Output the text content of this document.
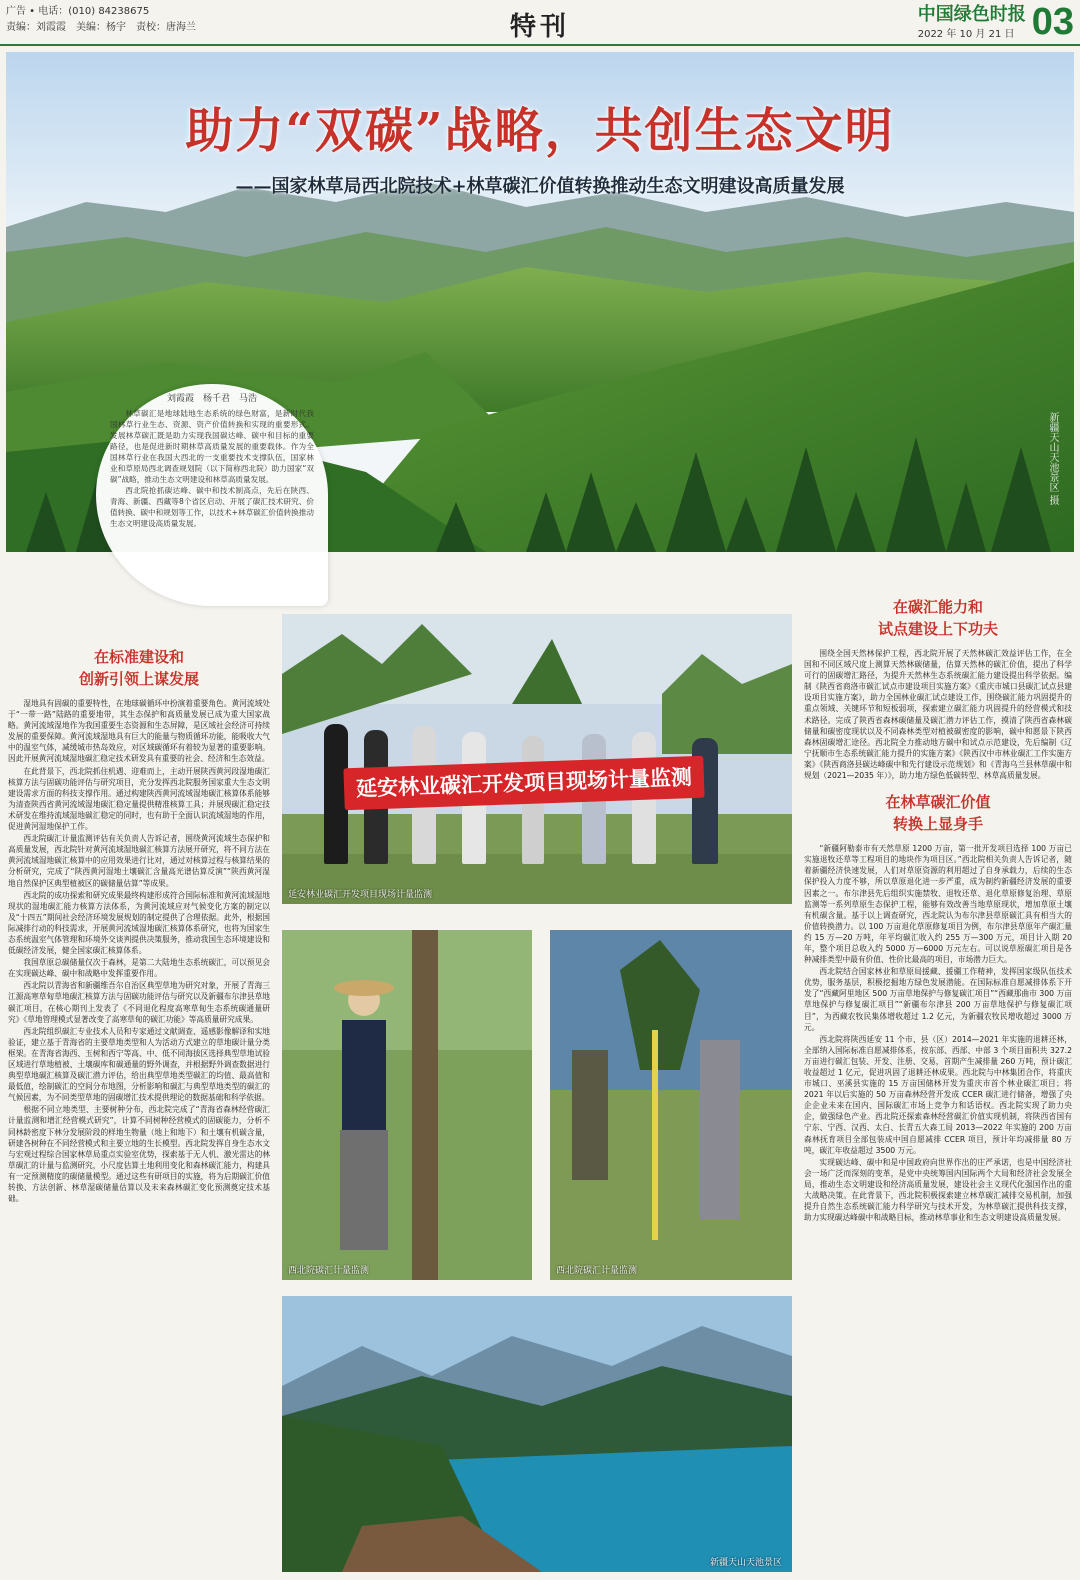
广告 • 电话：(010) 84238675
责编：刘霞霞　美编：杨宇　责校：唐海兰	特刊	中国绿色时报
2022 年 10 月 21 日 03
助力“双碳”战略，共创生态文明
——国家林草局西北院技术+林草碳汇价值转换推动生态文明建设高质量发展
新疆天山天池景区 摄
刘霞霞　杨千君　马浩

林草碳汇是地球陆地生态系统的绿色财富，是新时代我国林草行业生态、资源、资产价值转换和实现的重要形式。发展林草碳汇既是助力实现我国碳达峰、碳中和目标的重要路径，也是促进新时期林草高质量发展的重要载体。作为全国林草行业在我国大西北的一支重要技术支撑队伍，国家林业和草原局西北调查规划院（以下简称西北院）助力国家“双碳”战略，推动生态文明建设和林草高质量发展。

西北院抢抓碳达峰、碳中和技术制高点，先后在陕西、青海、新疆、西藏等8个省区启动、开展了碳汇技术研究、价值转换、碳中和规划等工作，以技术+林草碳汇价值转换推动生态文明建设高质量发展。

在标准建设和
创新引领上谋发展

湿地具有固碳的重要特性，在地球碳循环中扮演着重要角色。黄河流域处于“一带一路”陆路的重要地带，其生态保护和高质量发展已成为重大国家战略。黄河流域湿地作为我国重要生态资源和生态屏障，是区域社会经济可持续发展的重要保障。黄河流域湿地具有巨大的能量与物质循环功能，能吸收大气中的温室气体，减缓城市热岛效应，对区域碳循环有着较为显著的重要影响。因此开展黄河流域湿地碳汇稳定技术研发具有重要的社会、经济和生态效益。

在此背景下，西北院抓住机遇、迎难而上，主动开展陕西黄河段湿地碳汇核算方法与固碳功能评估与研究项目，充分发挥西北院服务国家重大生态文明建设需求方面的科技支撑作用。通过构建陕西黄河流域湿地碳汇核算体系能够为清查陕西省黄河流域湿地碳汇稳定量提供精准核算工具；并展现碳汇稳定技术研发在维持流域湿地碳汇稳定的同时，也有助于全面认识流域湿地的作用，促进黄河湿地保护工作。

西北院碳汇计量监测评估有关负责人告诉记者，围绕黄河流域生态保护和高质量发展，西北院针对黄河流域湿地碳汇核算方法展开研究，将不同方法在黄河流域湿地碳汇核算中的应用效果进行比对，通过对核算过程与核算结果的分析研究，完成了“陕西黄河湿地土壤碳汇含量高光谱估算反演”“陕西黄河湿地自然保护区典型植被区的碳储量估算”等成果。

西北院的成功探索和研究成果最终构建形成符合国际标准和黄河流域湿地现状的湿地碳汇能力核算方法体系，为黄河流域应对气候变化方案的制定以及“十四五”期间社会经济环境发展规划的制定提供了合理依据。此外，根据国际减排行动的科技需求，开展黄河流域湿地碳汇核算体系研究，也将为国家生态系统温室气体管理和环境外交谈判提供决策服务，推动我国生态环境建设和低碳经济发展，健全国家碳汇核算体系。

我国草原总碳储量仅次于森林，是第二大陆地生态系统碳汇，可以预见会在实现碳达峰、碳中和战略中发挥重要作用。

西北院以青海省和新疆维吾尔自治区典型草地为研究对象，开展了青海三江源高寒草甸草地碳汇核算方法与固碳功能评估与研究以及新疆布尔津县草地碳汇项目，在核心期刊上发表了《不同退化程度高寒草甸生态系统碳通量研究》《草地管理模式显著改变了高寒草甸的碳汇功能》等高质量研究成果。

西北院组织碳汇专业技术人员和专家通过文献调查、遥感影像解译和实地验证，建立基于青海省的主要草地类型和人为活动方式建立的草地碳计量分类框架。在青海省海西、玉树和西宁等高、中、低不同海拔区选择典型草地试验区域进行草地植被、土壤碳库和碳通量的野外调查，并根据野外调查数据进行典型草地碳汇核算及碳汇潜力评估，给出典型草地类型碳汇的均值、最高值和最低值，绘制碳汇的空间分布地图，分析影响和碳汇与典型草地类型的碳汇的气候因素，为不同类型草地的固碳增汇技术提供理论的数据基础和科学依据。

根据不同立地类型、主要树种分布，西北院完成了“青海省森林经营碳汇计量监测和增汇经营模式研究”，计算不同树种经营模式的固碳能力，分析不同林龄密度下林分发展阶段的样地生物量（地上和地下）和土壤有机碳含量，研建各树种在不同经营模式和主要立地的生长模型。西北院发挥自身生态水文与宏观过程综合国家林草局重点实验室优势，探索基于无人机、激光雷达的林草碳汇的计量与监测研究，小尺度估算土地利用变化和森林碳汇能力，构建具有一定预测精度的碳储量模型。通过这些有研项目的实施，将为后期碳汇价值转换、方法创新、林草湿碳储量估算以及未来森林碳汇变化预测奠定技术基础。

延安林业碳汇开发项目现场计量监测
延安林业碳汇开发项目现场计量监测
西北院碳汇计量监测	西北院碳汇计量监测
新疆天山天池景区
在碳汇能力和
试点建设上下功夫

围绕全国天然林保护工程，西北院开展了天然林碳汇效益评估工作，在全国和不同区域尺度上测算天然林碳储量，估算天然林的碳汇价值，提出了科学可行的固碳增汇路径，为提升天然林生态系统碳汇能力建设提出科学依据。编制《陕西省商洛市碳汇试点市建设项目实施方案》《重庆市城口县碳汇试点县建设项目实施方案》，助力全国林业碳汇试点建设工作，围绕碳汇能力巩固提升的重点领域、关键环节和短板弱项，探索建立碳汇能力巩固提升的经营模式和技术路径。完成了陕西省森林碳储量及碳汇潜力评估工作，摸清了陕西省森林碳储量和碳密度现状以及不同森林类型对植被碳密度的影响，碳中和愿景下陕西森林固碳增汇途径。西北院全力推动地方碳中和试点示范建设，先后编制《辽宁抚顺市生态系统碳汇能力提升的实施方案》《陕西汉中市林业碳汇工作实施方案》《陕西商洛县碳达峰碳中和先行建设示范规划》和《青海乌兰县林草碳中和规划（2021—2035 年）》，助力地方绿色低碳转型、林草高质量发展。

在林草碳汇价值
转换上显身手

“新疆阿勒泰市有天然草原 1200 万亩，第一批开发项目选择 100 万亩已实施退牧还草等工程项目的地块作为项目区。”西北院相关负责人告诉记者，随着新疆经济快速发展，人们对草原资源的利用超过了自身承载力，后续的生态保护投入力度不够，所以草原退化进一步严重，成为制约新疆经济发展的重要因素之一。布尔津县先后组织实施禁牧、退牧还草、退化草原修复治理、草原监测等一系列草原生态保护工程，能够有效改善当地草原现状，增加草原土壤有机碳含量。基于以上调查研究，西北院认为布尔津县草原碳汇具有相当大的价值转换潜力。以 100 万亩退化草原修复项目为例，布尔津县草原年产碳汇量约 15 万—20 万吨，年平均碳汇收入约 255 万—300 万元，项目计入期 20 年，整个项目总收入约 5000 万—6000 万元左右。可以说草原碳汇项目是各种减排类型中最有价值、性价比最高的项目，市场潜力巨大。

西北院结合国家林业和草原局援藏、援疆工作精神，发挥国家级队伍技术优势，服务基层，积极挖掘地方绿色发展潜能。在国际标准自愿减排体系下开发了“西藏阿里地区 500 万亩草地保护与修复碳汇项目”“西藏那曲市 300 万亩草地保护与修复碳汇项目”“新疆布尔津县 200 万亩草地保护与修复碳汇项目”，为西藏农牧民集体增收超过 1.2 亿元，为新疆农牧民增收超过 3000 万元。

西北院将陕西延安 11 个市、县（区）2014—2021 年实施的退耕还林，全部纳入国际标准自愿减排体系，按东部、西部、中部 3 个项目面积共 327.2 万亩进行碳汇包装、开发、注册、交易，首期产生减排量 260 万吨，预计碳汇收益超过 1 亿元，促进巩固了退耕还林成果。西北院与中林集团合作，将重庆市城口、巫溪县实施的 15 万亩国储林开发为重庆市首个林业碳汇项目；将 2021 年以后实施的 50 万亩森林经营开发成 CCER 碳汇进行储备，增强了央企企业未来在国内、国际碳汇市场上竞争力和话语权。西北院实现了助力央企，做强绿色产业。西北院还探索森林经营碳汇价值实现机制，将陕西省国有宁东、宁西、汉西、太白、长青五大森工局 2013—2022 年实施的 200 万亩森林抚育项目全部包装成中国自愿减排 CCER 项目，预计年均减排量 80 万吨，碳汇年收益超过 3500 万元。

实现碳达峰、碳中和是中国政府向世界作出的庄严承诺，也是中国经济社会一场广泛而深刻的变革，是党中央统筹国内国际两个大局和经济社会发展全局，推动生态文明建设和经济高质量发展，建设社会主义现代化强国作出的重大战略决策。在此背景下，西北院积极探索建立林草碳汇减排交易机制，加强提升自然生态系统碳汇能力科学研究与技术开发，为林草碳汇提供科技支撑，助力实现碳达峰碳中和战略目标，推动林草事业和生态文明建设高质量发展。
